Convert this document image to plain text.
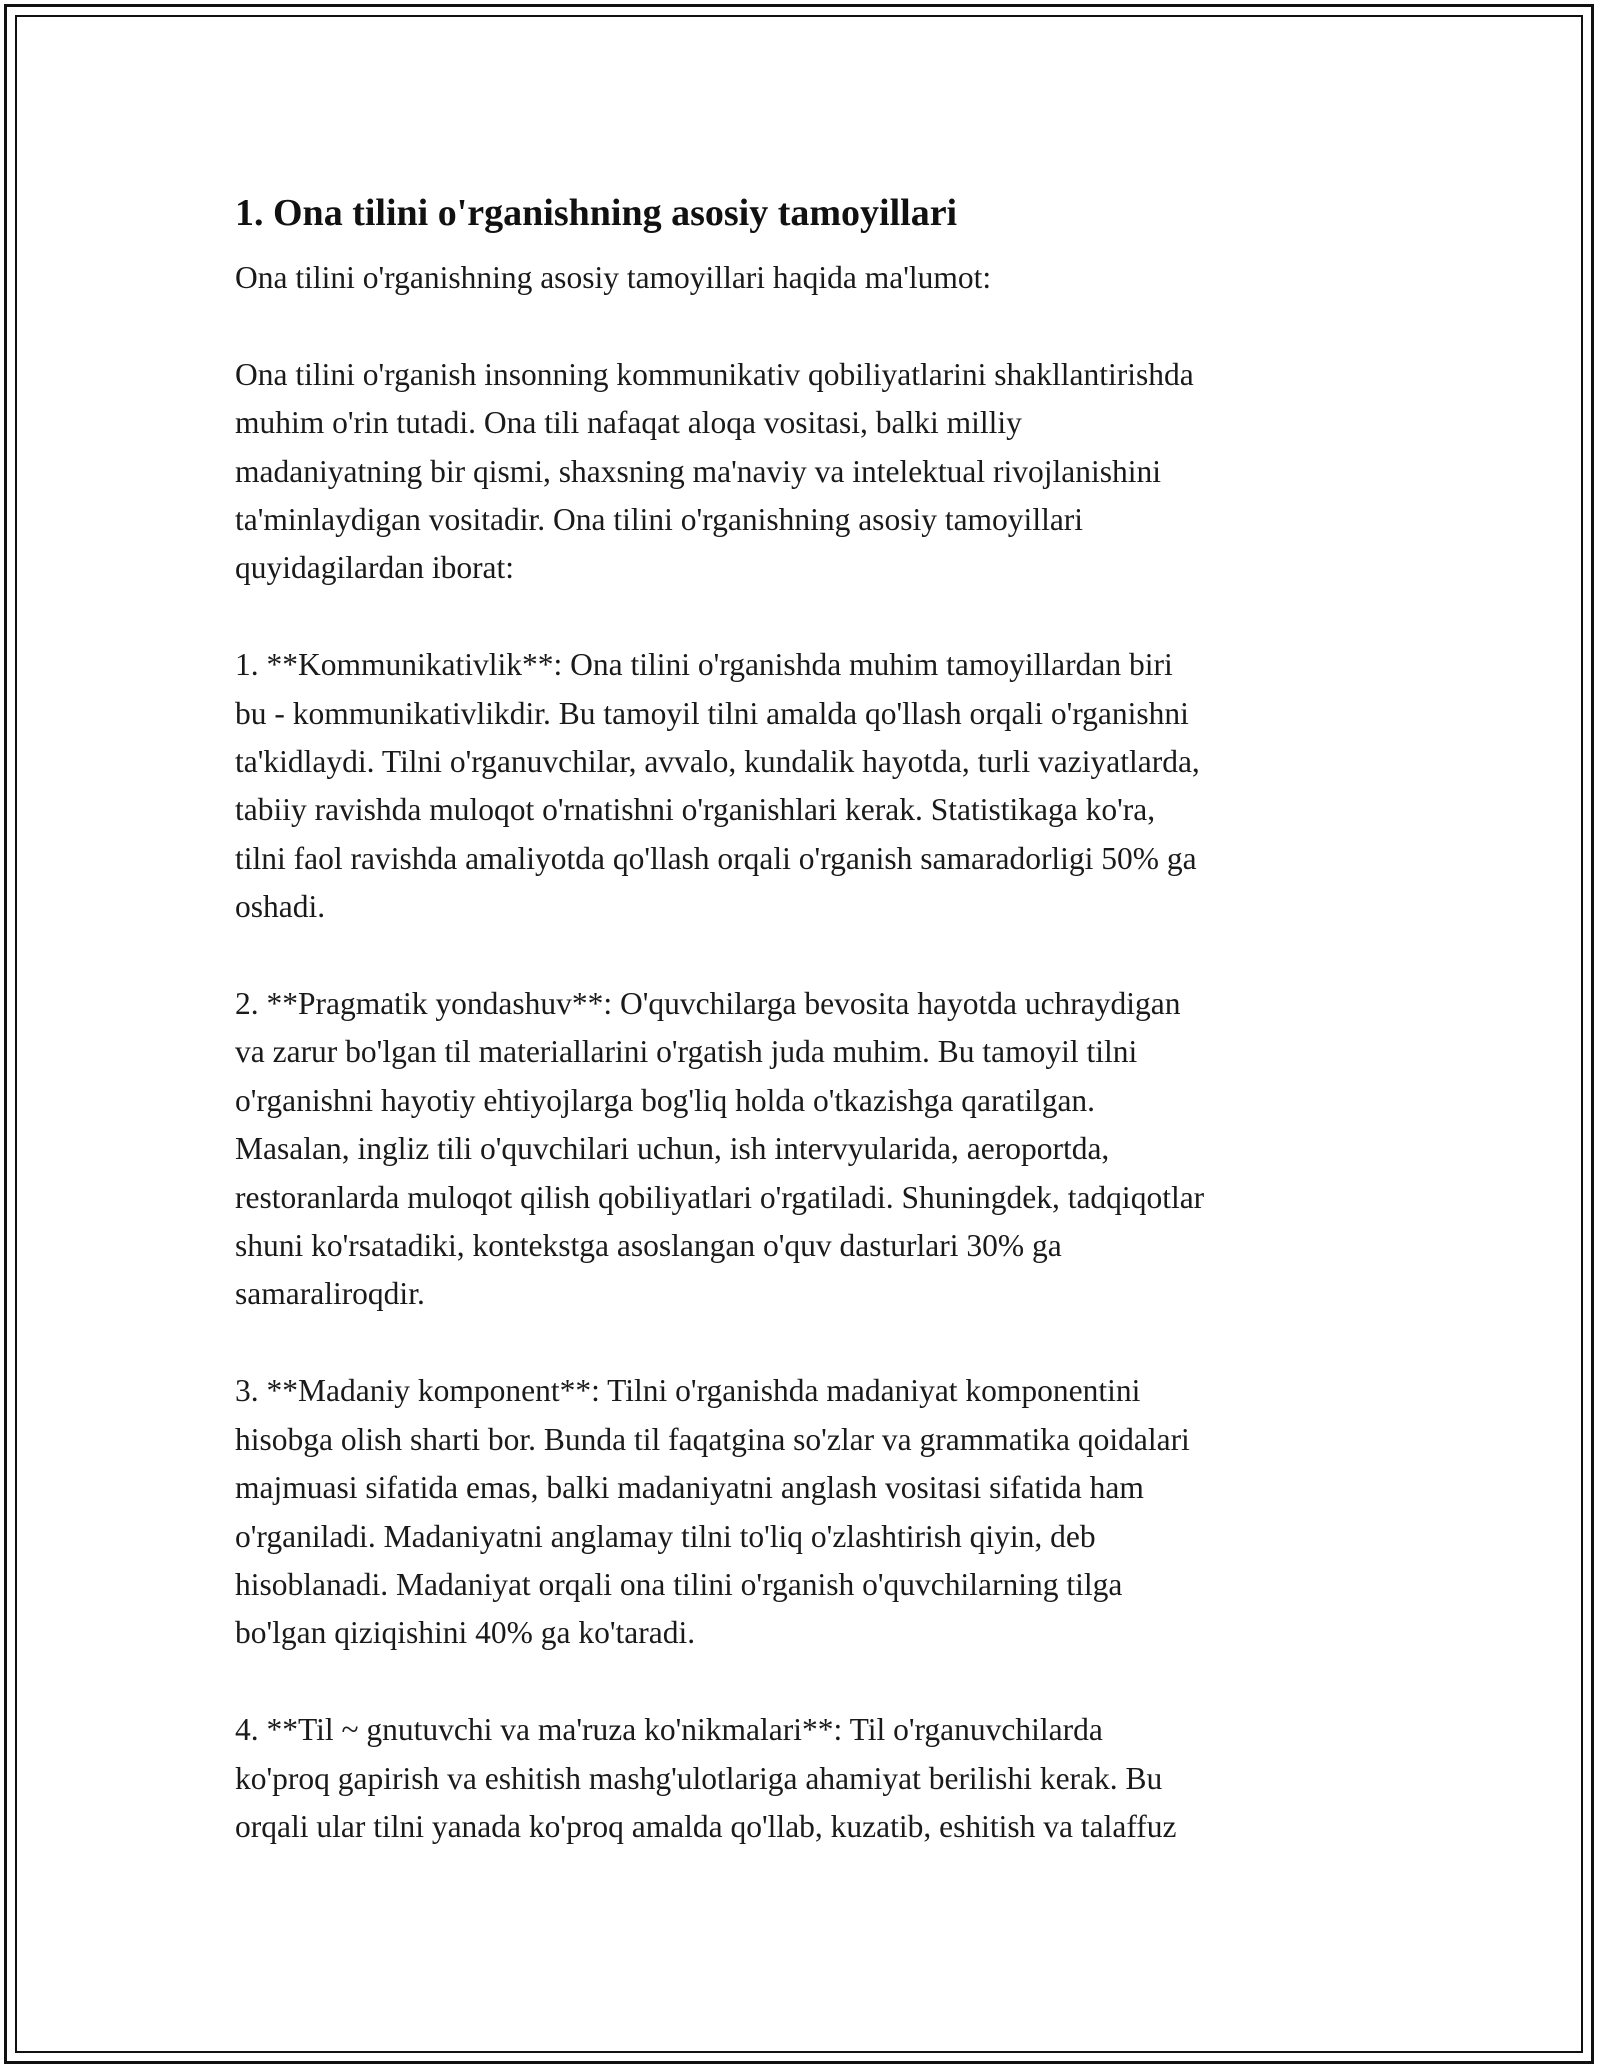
1. Ona tilini o'rganishning asosiy tamoyillari

Ona tilini o'rganishning asosiy tamoyillari haqida ma'lumot:

Ona tilini o'rganish insonning kommunikativ qobiliyatlarini shakllantirishda
muhim o'rin tutadi. Ona tili nafaqat aloqa vositasi, balki milliy
madaniyatning bir qismi, shaxsning ma'naviy va intelektual rivojlanishini
ta'minlaydigan vositadir. Ona tilini o'rganishning asosiy tamoyillari
quyidagilardan iborat:

1. **Kommunikativlik**: Ona tilini o'rganishda muhim tamoyillardan biri
bu - kommunikativlikdir. Bu tamoyil tilni amalda qo'llash orqali o'rganishni
ta'kidlaydi. Tilni o'rganuvchilar, avvalo, kundalik hayotda, turli vaziyatlarda,
tabiiy ravishda muloqot o'rnatishni o'rganishlari kerak. Statistikaga ko'ra,
tilni faol ravishda amaliyotda qo'llash orqali o'rganish samaradorligi 50% ga
oshadi.

2. **Pragmatik yondashuv**: O'quvchilarga bevosita hayotda uchraydigan
va zarur bo'lgan til materiallarini o'rgatish juda muhim. Bu tamoyil tilni
o'rganishni hayotiy ehtiyojlarga bog'liq holda o'tkazishga qaratilgan.
Masalan, ingliz tili o'quvchilari uchun, ish intervyularida, aeroportda,
restoranlarda muloqot qilish qobiliyatlari o'rgatiladi. Shuningdek, tadqiqotlar
shuni ko'rsatadiki, kontekstga asoslangan o'quv dasturlari 30% ga
samaraliroqdir.

3. **Madaniy komponent**: Tilni o'rganishda madaniyat komponentini
hisobga olish sharti bor. Bunda til faqatgina so'zlar va grammatika qoidalari
majmuasi sifatida emas, balki madaniyatni anglash vositasi sifatida ham
o'rganiladi. Madaniyatni anglamay tilni to'liq o'zlashtirish qiyin, deb
hisoblanadi. Madaniyat orqali ona tilini o'rganish o'quvchilarning tilga
bo'lgan qiziqishini 40% ga ko'taradi.

4. **Til ~ gnutuvchi va ma'ruza ko'nikmalari**: Til o'rganuvchilarda
ko'proq gapirish va eshitish mashg'ulotlariga ahamiyat berilishi kerak. Bu
orqali ular tilni yanada ko'proq amalda qo'llab, kuzatib, eshitish va talaffuz
